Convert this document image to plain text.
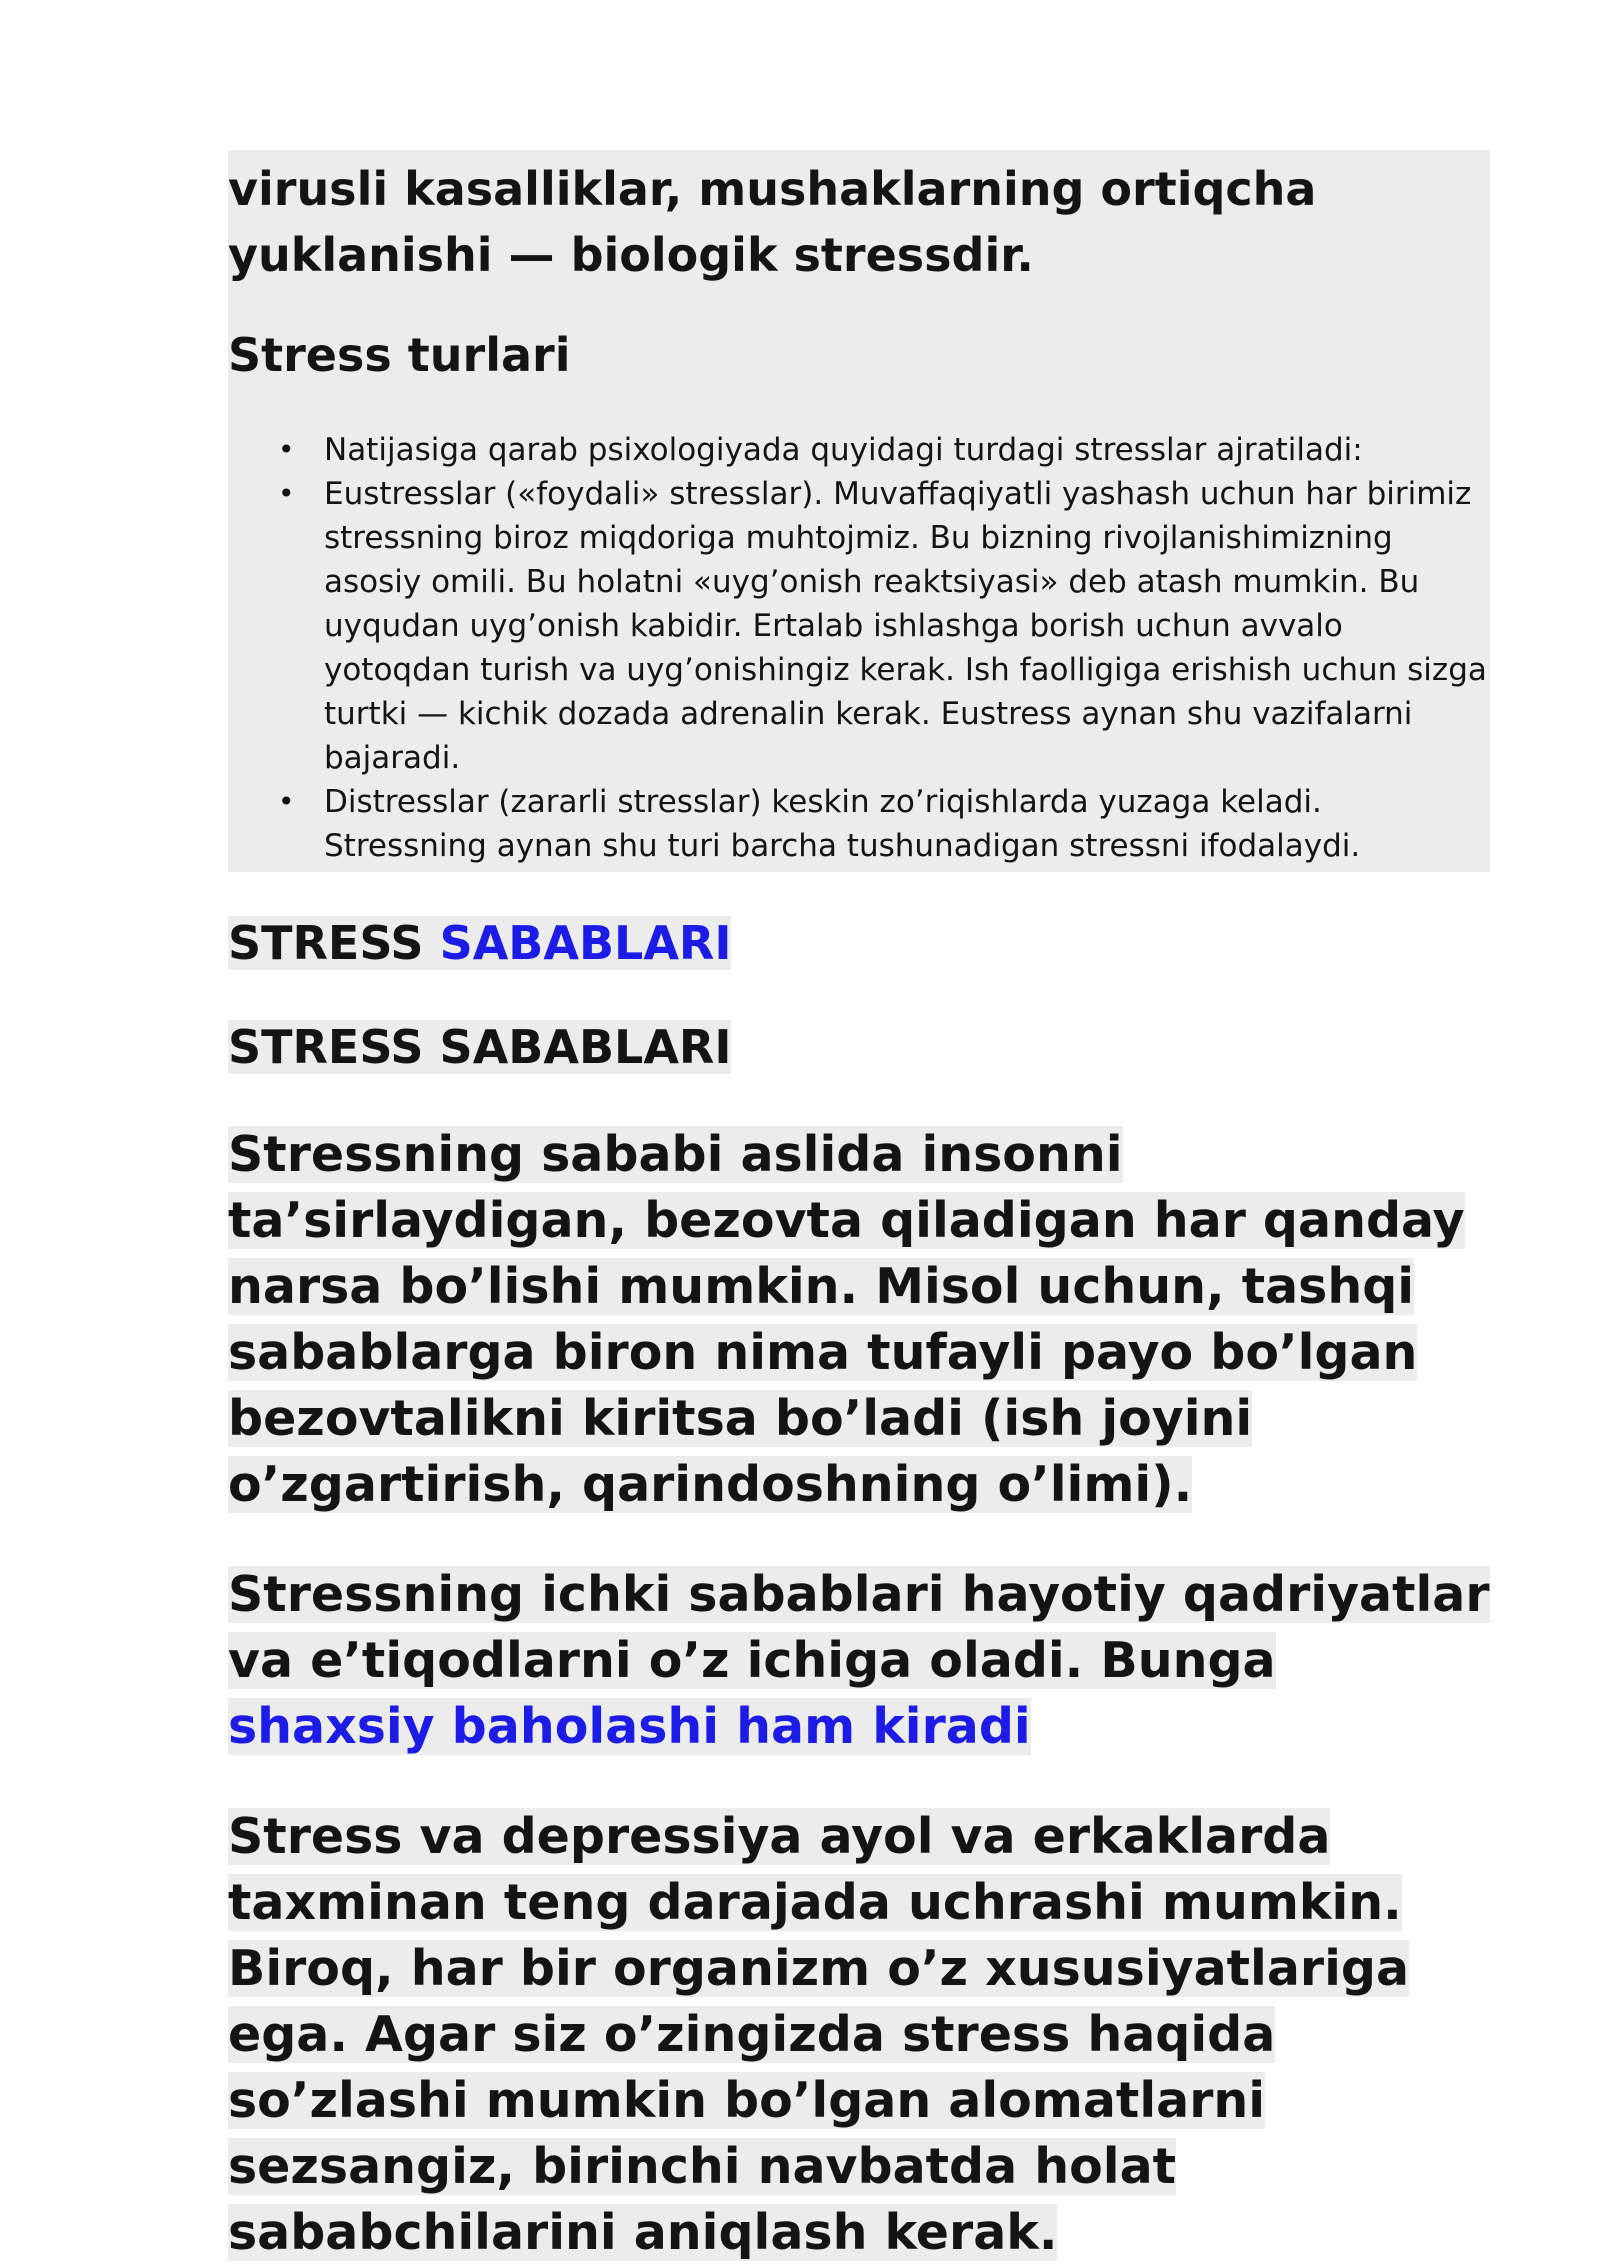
virusli kasalliklar, mushaklarning ortiqcha yuklanishi — biologik stressdir.

Stress turlari
• Natijasiga qarab psixologiyada quyidagi turdagi stresslar ajratiladi:
• Eustresslar («foydali» stresslar). Muvaffaqiyatli yashash uchun har birimiz stressning biroz miqdoriga muhtojmiz. Bu bizning rivojlanishimizning asosiy omili. Bu holatni «uyg’onish reaktsiyasi» deb atash mumkin. Bu uyqudan uyg’onish kabidir. Ertalab ishlashga borish uchun avvalo yotoqdan turish va uyg’onishingiz kerak. Ish faolligiga erishish uchun sizga turtki — kichik dozada adrenalin kerak. Eustress aynan shu vazifalarni bajaradi.
• Distresslar (zararli stresslar) keskin zo’riqishlarda yuzaga keladi. Stressning aynan shu turi barcha tushunadigan stressni ifodalaydi.
STRESS SABABLARI
STRESS SABABLARI

Stressning sababi aslida insonni ta’sirlaydigan, bezovta qiladigan har qanday narsa bo’lishi mumkin. Misol uchun, tashqi sabablarga biron nima tufayli payo bo’lgan bezovtalikni kiritsa bo’ladi (ish joyini o’zgartirish, qarindoshning o’limi).

Stressning ichki sabablari hayotiy qadriyatlar va e’tiqodlarni o’z ichiga oladi. Bunga shaxsiy baholashi ham kiradi

Stress va depressiya ayol va erkaklarda taxminan teng darajada uchrashi mumkin. Biroq, har bir organizm o’z xususiyatlariga ega. Agar siz o’zingizda stress haqida so’zlashi mumkin bo’lgan alomatlarni sezsangiz, birinchi navbatda holat sababchilarini aniqlash kerak.
